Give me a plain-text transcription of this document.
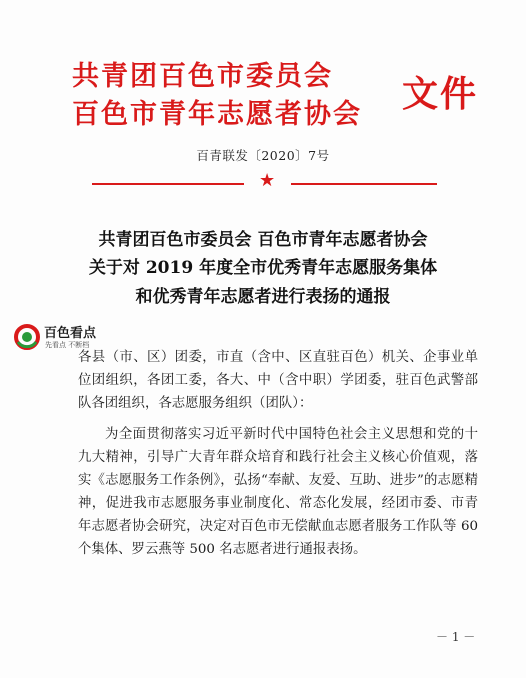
共青团百色市委员会
百色市青年志愿者协会 文件
百青联发〔2020〕7号
★
共青团百色市委员会 百色市青年志愿者协会
关于对 2019 年度全市优秀青年志愿服务集体
和优秀青年志愿者进行表扬的通报
百色看点
先看点 不断档
各县（市、区）团委，市直（含中、区直驻百色）机关、企事业单位团组织，各团工委，各大、中（含中职）学团委，驻百色武警部队各团组织，各志愿服务组织（团队）：
为全面贯彻落实习近平新时代中国特色社会主义思想和党的十九大精神，引导广大青年群众培育和践行社会主义核心价值观，落实《志愿服务工作条例》，弘扬“奉献、友爱、互助、进步”的志愿精神，促进我市志愿服务事业制度化、常态化发展，经团市委、市青年志愿者协会研究，决定对百色市无偿献血志愿者服务工作队等 60 个集体、罗云燕等 500 名志愿者进行通报表扬。
－ 1 －
